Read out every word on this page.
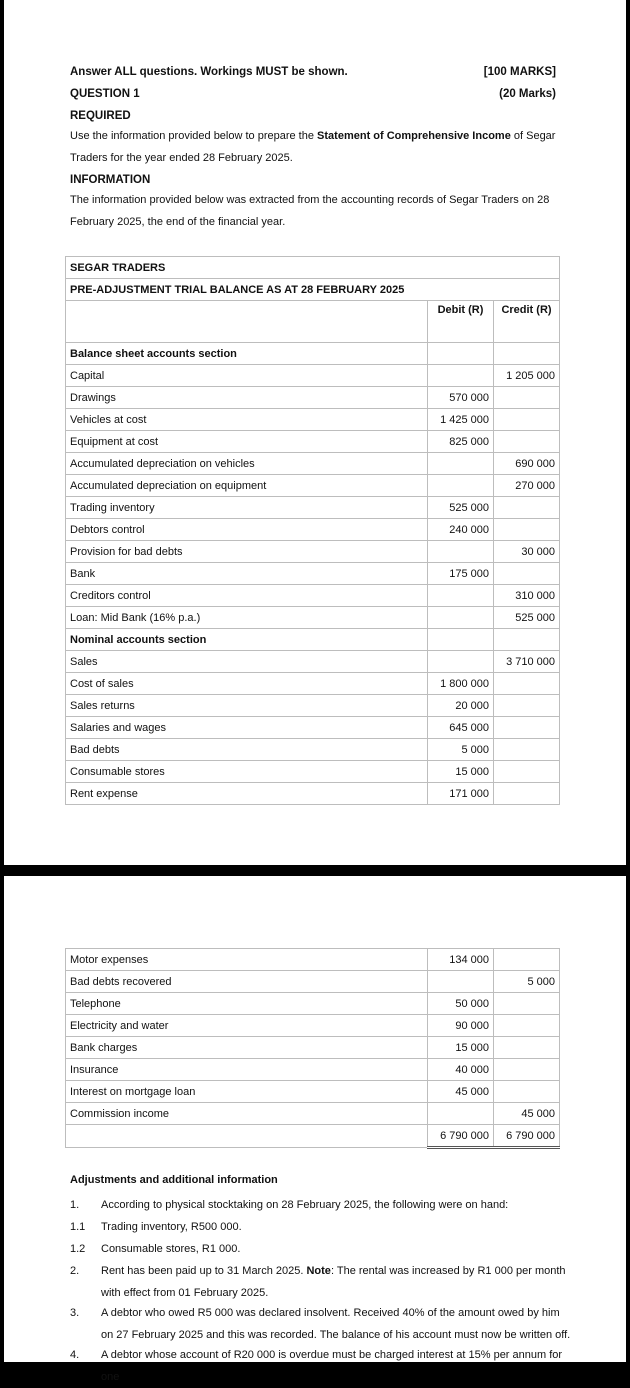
Answer ALL questions. Workings MUST be shown.	[100 MARKS]
QUESTION 1	(20 Marks)
REQUIRED
Use the information provided below to prepare the Statement of Comprehensive Income of Segar Traders for the year ended 28 February 2025.
INFORMATION
The information provided below was extracted from the accounting records of Segar Traders on 28 February 2025, the end of the financial year.
SEGAR TRADERS		
PRE-ADJUSTMENT TRIAL BALANCE AS AT 28 FEBRUARY 2025		
	Debit (R)	Credit (R)
Balance sheet accounts section		
Capital		1 205 000
Drawings	570 000	
Vehicles at cost	1 425 000	
Equipment at cost	825 000	
Accumulated depreciation on vehicles		690 000
Accumulated depreciation on equipment		270 000
Trading inventory	525 000	
Debtors control	240 000	
Provision for bad debts		30 000
Bank	175 000	
Creditors control		310 000
Loan: Mid Bank (16% p.a.)		525 000
Nominal accounts section		
Sales		3 710 000
Cost of sales	1 800 000	
Sales returns	20 000	
Salaries and wages	645 000	
Bad debts	5 000	
Consumable stores	15 000	
Rent expense	171 000	
Motor expenses	134 000	
Bad debts recovered		5 000
Telephone	50 000	
Electricity and water	90 000	
Bank charges	15 000	
Insurance	40 000	
Interest on mortgage loan	45 000	
Commission income		45 000
	6 790 000	6 790 000
Adjustments and additional information
1. According to physical stocktaking on 28 February 2025, the following were on hand:
1.1 Trading inventory, R500 000.
1.2 Consumable stores, R1 000.
2. Rent has been paid up to 31 March 2025. Note: The rental was increased by R1 000 per month with effect from 01 February 2025.
3. A debtor who owed R5 000 was declared insolvent. Received 40% of the amount owed by him on 27 February 2025 and this was recorded. The balance of his account must now be written off.
4. A debtor whose account of R20 000 is overdue must be charged interest at 15% per annum for one
